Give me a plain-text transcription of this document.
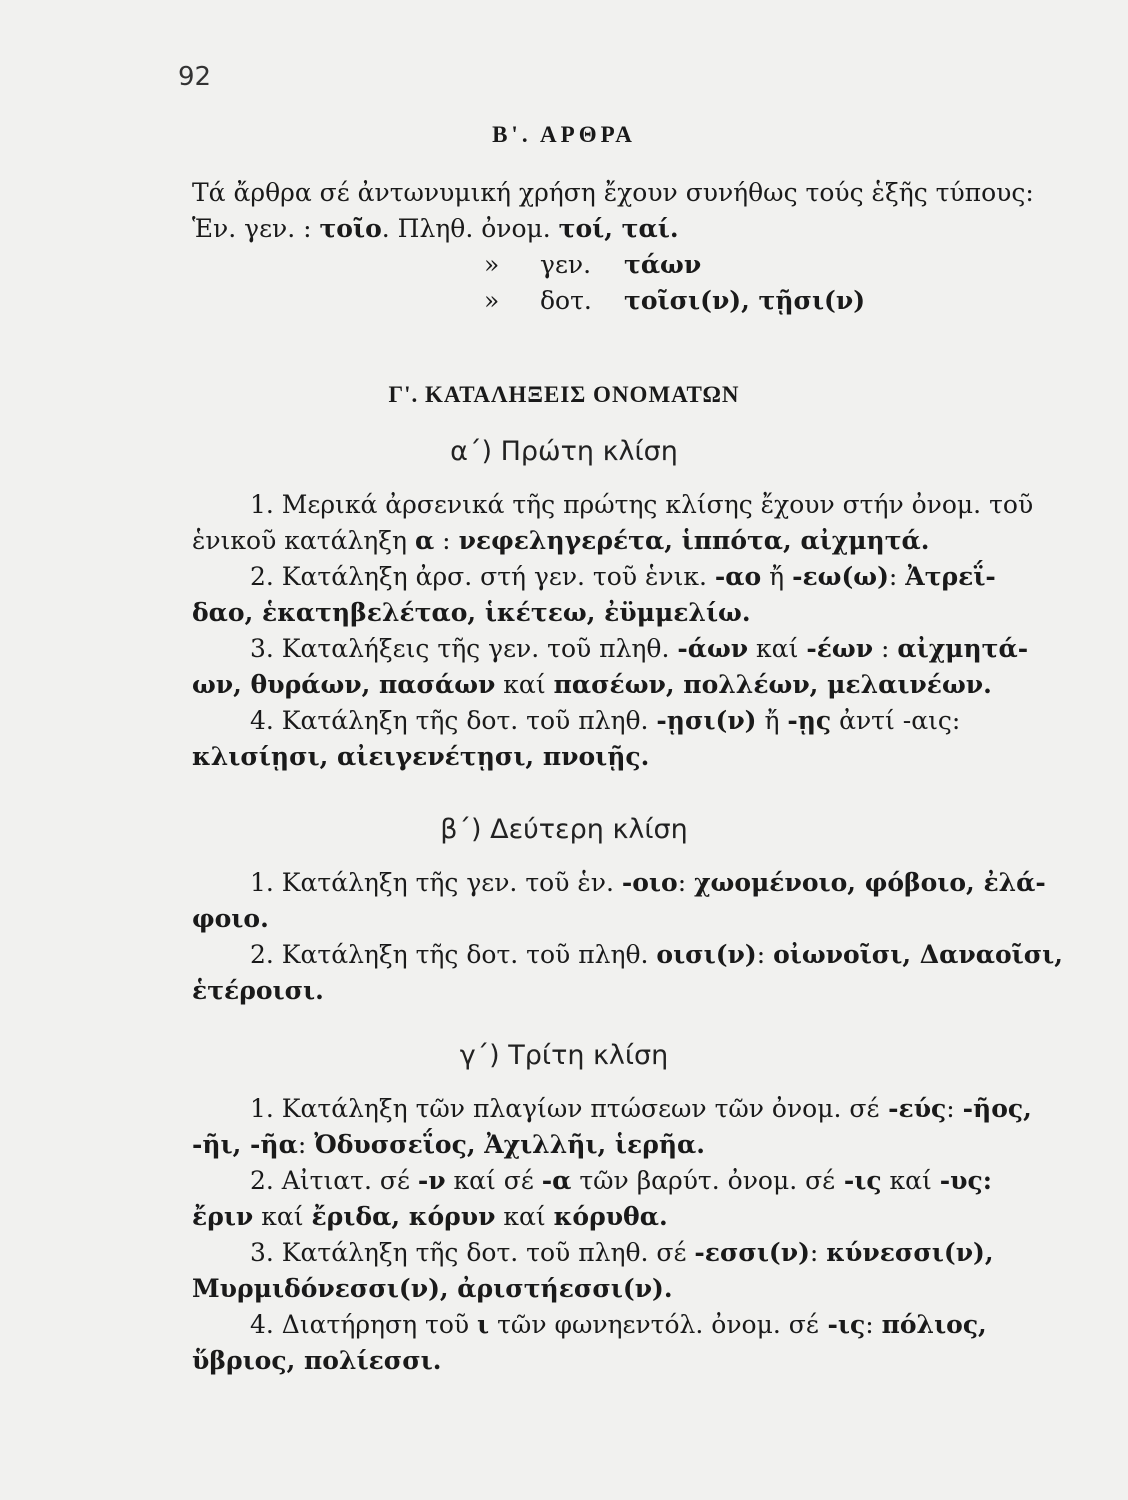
92
Β'. ΑΡΘΡΑ
Τά ἄρθρα σέ ἀντωνυμική χρήση ἔχουν συνήθως τούς ἑξῆς τύπους:
Ἑν. γεν. : τοῖο. Πληθ. ὀνομ. τοί, ταί.
» γεν. τάων
» δοτ. τοῖσι(ν), τῇσι(ν)
Γ'. ΚΑΤΑΛΗΞΕΙΣ ΟΝΟΜΑΤΩΝ
α΄) Πρώτη κλίση
1. Μερικά ἀρσενικά τῆς πρώτης κλίσης ἔχουν στήν ὀνομ. τοῦ
ἑνικοῦ κατάληξη α : νεφεληγερέτα, ἱππότα, αἰχμητά.
2. Κατάληξη ἀρσ. στή γεν. τοῦ ἑνικ. -αο ἤ -εω(ω): Ἀτρεΐ-
δαο, ἑκατηβελέταο, ἱκέτεω, ἐϋμμελίω.
3. Καταλήξεις τῆς γεν. τοῦ πληθ. -άων καί -έων : αἰχμητά-
ων, θυράων, πασάων καί πασέων, πολλέων, μελαινέων.
4. Κατάληξη τῆς δοτ. τοῦ πληθ. -ῃσι(ν) ἤ -ῃς ἀντί -αις:
κλισίῃσι, αἰειγενέτῃσι, πνοιῇς.
β΄) Δεύτερη κλίση
1. Κατάληξη τῆς γεν. τοῦ ἑν. -οιο: χωομένοιο, φόβοιο, ἐλά-
φοιο.
2. Κατάληξη τῆς δοτ. τοῦ πληθ. οισι(ν): οἰωνοῖσι, Δαναοῖσι,
ἑτέροισι.
γ΄) Τρίτη κλίση
1. Κατάληξη τῶν πλαγίων πτώσεων τῶν ὀνομ. σέ -εύς: -ῆος,
-ῆι, -ῆα: Ὀδυσσεΐος, Ἀχιλλῆι, ἱερῆα.
2. Αἰτιατ. σέ -ν καί σέ -α τῶν βαρύτ. ὀνομ. σέ -ις καί -υς:
ἔριν καί ἔριδα, κόρυν καί κόρυθα.
3. Κατάληξη τῆς δοτ. τοῦ πληθ. σέ -εσσι(ν): κύνεσσι(ν),
Μυρμιδόνεσσι(ν), ἀριστήεσσι(ν).
4. Διατήρηση τοῦ ι τῶν φωνηεντόλ. ὀνομ. σέ -ις: πόλιος,
ὕβριος, πολίεσσι.
